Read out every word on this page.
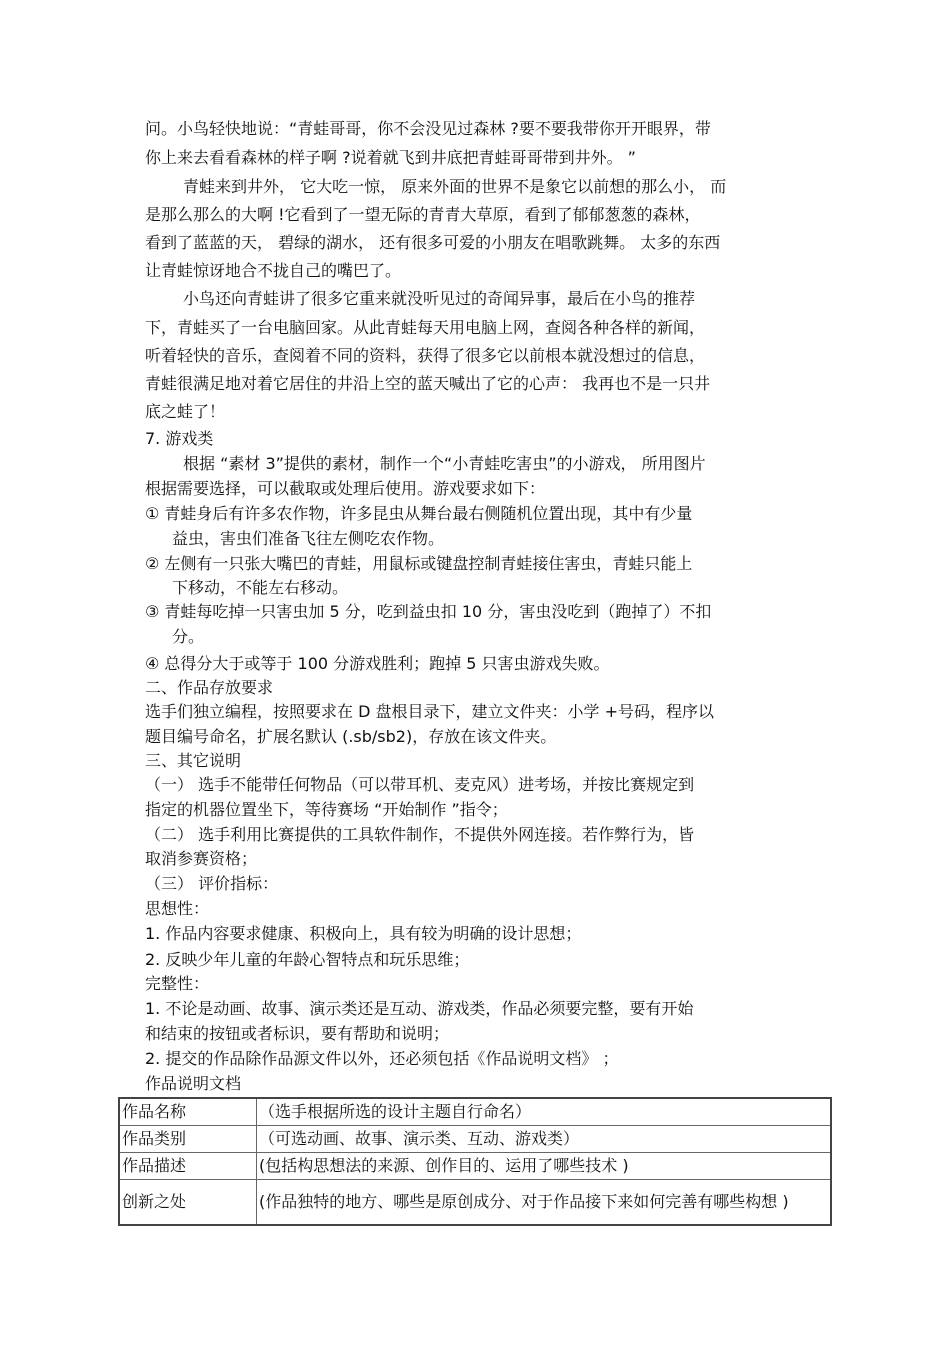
问。小鸟轻快地说：“青蛙哥哥，你不会没见过森林 ?要不要我带你开开眼界，带
你上来去看看森林的样子啊 ?说着就飞到井底把青蛙哥哥带到井外。 ”
青蛙来到井外， 它大吃一惊， 原来外面的世界不是象它以前想的那么小， 而
是那么那么的大啊 !它看到了一望无际的青青大草原，看到了郁郁葱葱的森林，
看到了蓝蓝的天， 碧绿的湖水， 还有很多可爱的小朋友在唱歌跳舞。 太多的东西
让青蛙惊讶地合不拢自己的嘴巴了。
小鸟还向青蛙讲了很多它重来就没听见过的奇闻异事，最后在小鸟的推荐
下，青蛙买了一台电脑回家。从此青蛙每天用电脑上网，查阅各种各样的新闻，
听着轻快的音乐，查阅着不同的资料，获得了很多它以前根本就没想过的信息，
青蛙很满足地对着它居住的井沿上空的蓝天喊出了它的心声： 我再也不是一只井
底之蛙了！
7. 游戏类
根据 “素材 3”提供的素材，制作一个“小青蛙吃害虫”的小游戏， 所用图片
根据需要选择，可以截取或处理后使用。游戏要求如下：
① 青蛙身后有许多农作物，许多昆虫从舞台最右侧随机位置出现，其中有少量
益虫，害虫们准备飞往左侧吃农作物。
② 左侧有一只张大嘴巴的青蛙，用鼠标或键盘控制青蛙接住害虫，青蛙只能上
下移动，不能左右移动。
③ 青蛙每吃掉一只害虫加 5 分，吃到益虫扣 10 分，害虫没吃到（跑掉了）不扣
分。
④ 总得分大于或等于 100 分游戏胜利；跑掉 5 只害虫游戏失败。
二、作品存放要求
选手们独立编程，按照要求在 D 盘根目录下，建立文件夹：小学 +号码，程序以
题目编号命名，扩展名默认 (.sb/sb2)，存放在该文件夹。
三、其它说明
（一） 选手不能带任何物品（可以带耳机、麦克风）进考场，并按比赛规定到
指定的机器位置坐下，等待赛场 “开始制作 ”指令；
（二） 选手利用比赛提供的工具软件制作，不提供外网连接。若作弊行为，皆
取消参赛资格；
（三） 评价指标：
思想性：
1. 作品内容要求健康、积极向上，具有较为明确的设计思想；
2. 反映少年儿童的年龄心智特点和玩乐思维；
完整性：
1. 不论是动画、故事、演示类还是互动、游戏类，作品必须要完整，要有开始
和结束的按钮或者标识，要有帮助和说明；
2. 提交的作品除作品源文件以外，还必须包括《作品说明文档》 ；
作品说明文档
作品名称	（选手根据所选的设计主题自行命名）
作品类别	（可选动画、故事、演示类、互动、游戏类）
作品描述	(包括构思想法的来源、创作目的、运用了哪些技术 )
创新之处	(作品独特的地方、哪些是原创成分、对于作品接下来如何完善有哪些构想 )
